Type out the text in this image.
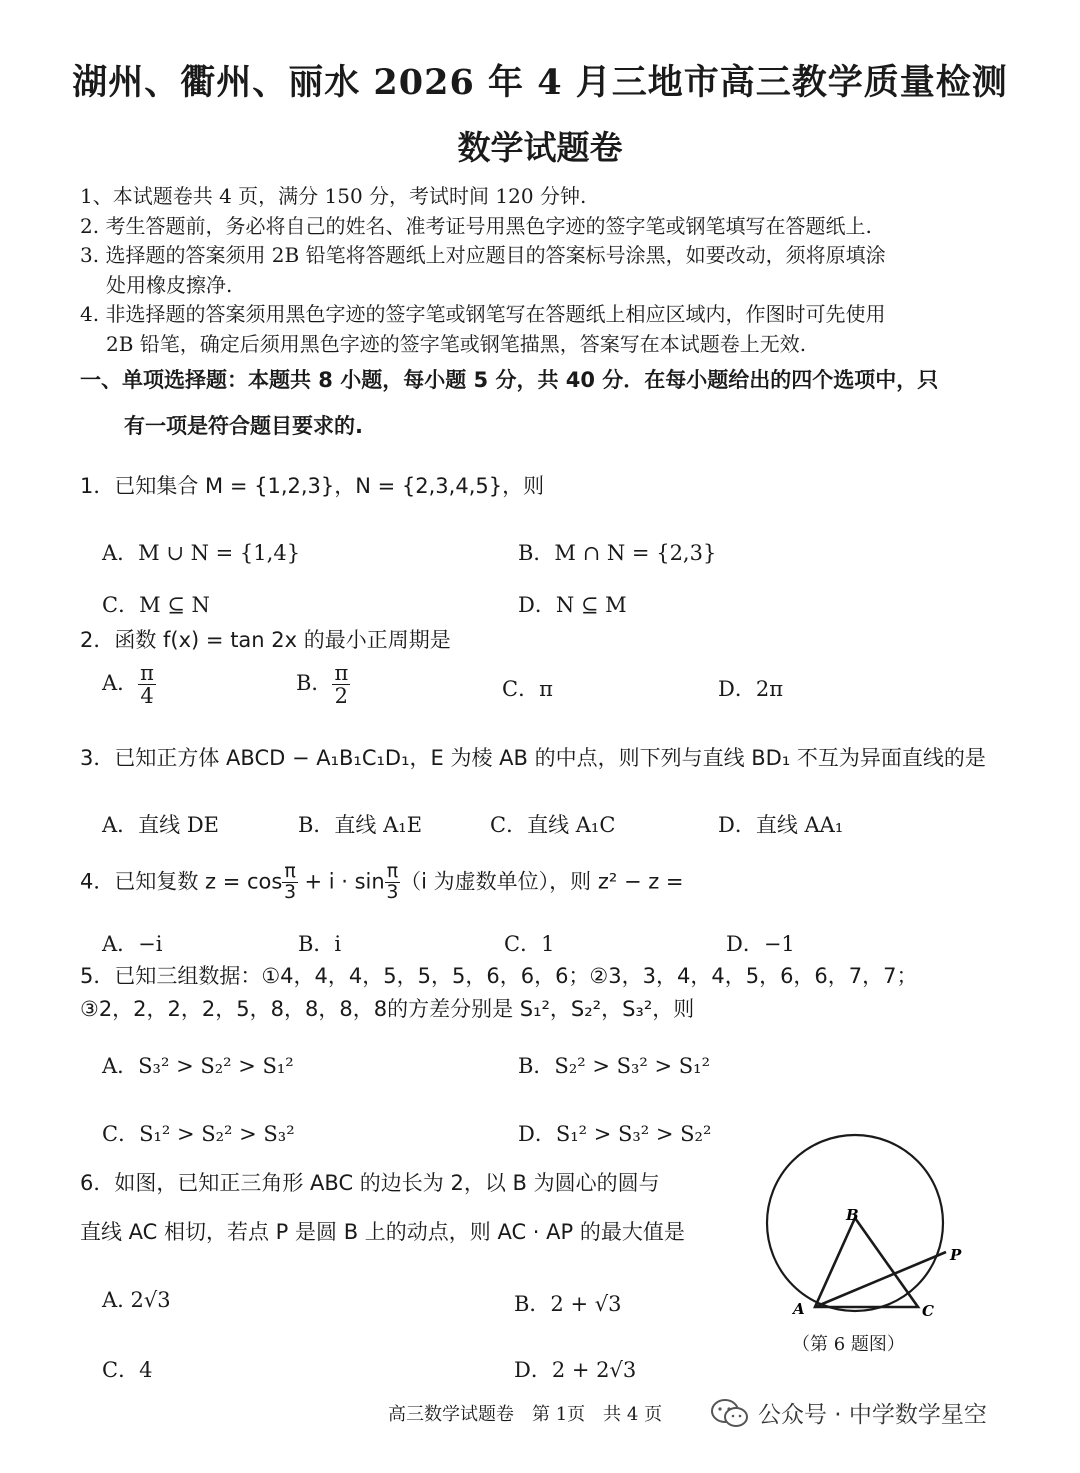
湖州、衢州、丽水 2026 年 4 月三地市高三教学质量检测
数学试题卷
1、本试题卷共 4 页，满分 150 分，考试时间 120 分钟.
2. 考生答题前，务必将自己的姓名、准考证号用黑色字迹的签字笔或钢笔填写在答题纸上.
3. 选择题的答案须用 2B 铅笔将答题纸上对应题目的答案标号涂黑，如要改动，须将原填涂
处用橡皮擦净.
4. 非选择题的答案须用黑色字迹的签字笔或钢笔写在答题纸上相应区域内，作图时可先使用
2B 铅笔，确定后须用黑色字迹的签字笔或钢笔描黑，答案写在本试题卷上无效.
一、单项选择题：本题共 8 小题，每小题 5 分，共 40 分．在每小题给出的四个选项中，只
有一项是符合题目要求的.
1．已知集合 M = {1,2,3}，N = {2,3,4,5}，则
A．M ∪ N = {1,4}	B．M ∩ N = {2,3}
C．M ⊆ N	D．N ⊆ M
2．函数 f(x) = tan 2x 的最小正周期是
A． $\frac{\pi}{4}$	B． $\frac{\pi}{2}$	C．π	D．2π
3．已知正方体 ABCD − A₁B₁C₁D₁，E 为棱 AB 的中点，则下列与直线 BD₁ 不互为异面直线的是
A．直线 DE	B．直线 A₁E	C．直线 A₁C	D．直线 AA₁
4．已知复数 $z = \cos \frac{\pi}{3} + i \cdot \sin \frac{\pi}{3} (i$ 为虚数单位），则 z² − z =
A．−i	B．i	C．1	D．−1
5．已知三组数据：①4，4，4，5，5，5，6，6，6；②3，3，4，4，5，6，6，7，7；
③2，2，2，2，5，8，8，8，8的方差分别是 S₁²，S₂²，S₃²，则
A．S₃² > S₂² > S₁²	B．S₂² > S₃² > S₁²
C．S₁² > S₂² > S₃²	D．S₁² > S₃² > S₂²
6．如图，已知正三角形 ABC 的边长为 2，以 B 为圆心的圆与
直线 AC 相切，若点 P 是圆 B 上的动点，则 AC · AP 的最大值是
A. 2√3	B．2 + √3
C．4	D．2 + 2√3
B
P
A	C
（第 6 题图）
高三数学试题卷　第 1页　共 4 页	公众号 · 中学数学星空
